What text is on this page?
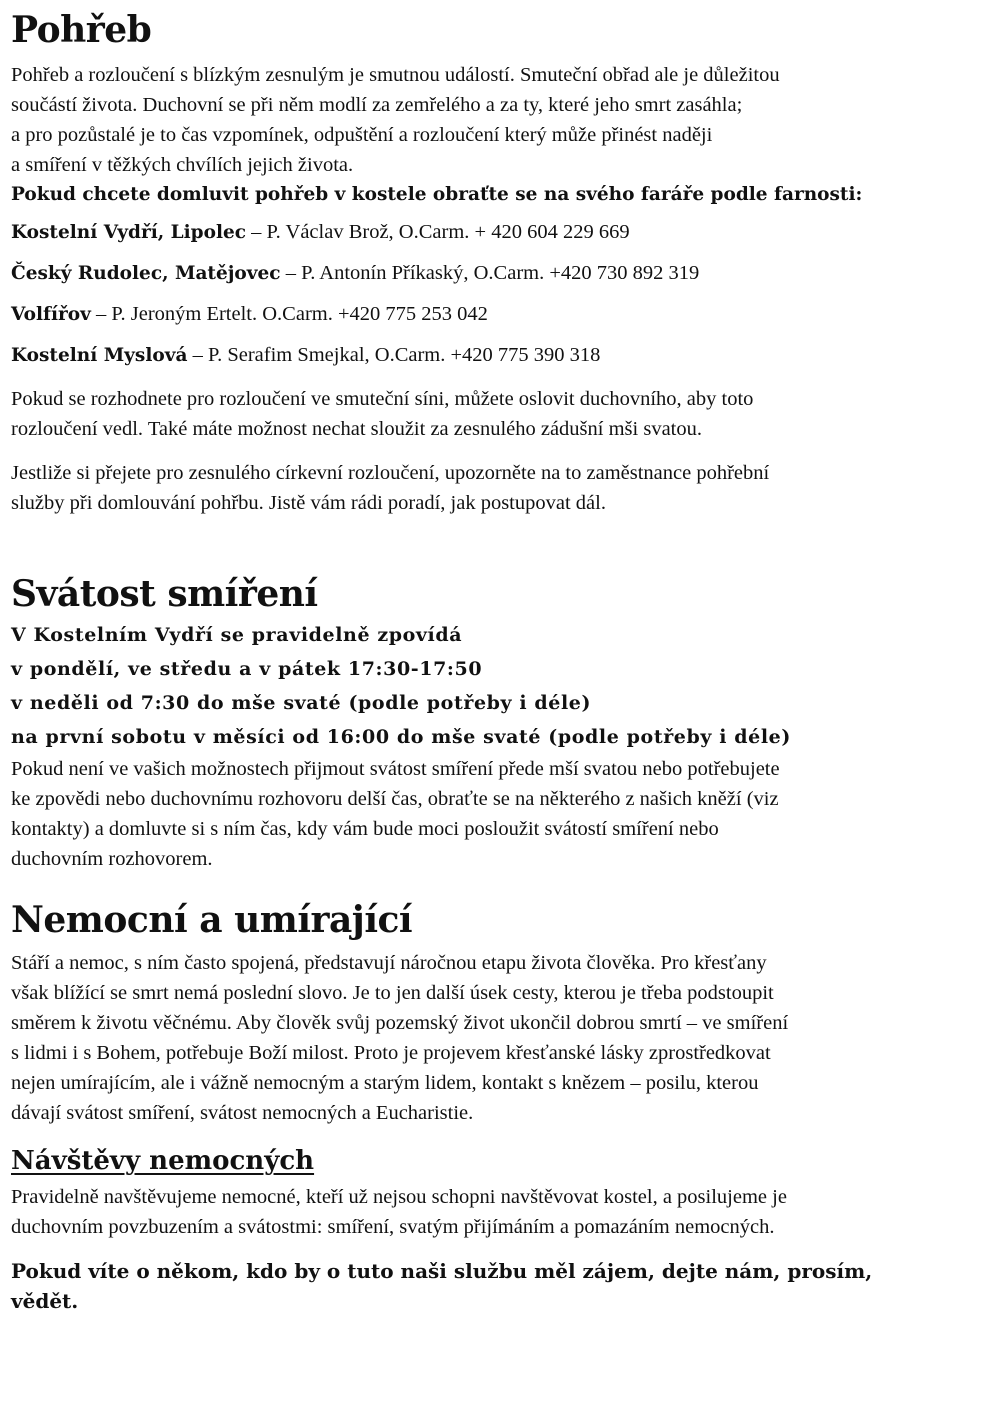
Pohřeb

Pohřeb a rozloučení s blízkým zesnulým je smutnou událostí. Smuteční obřad ale je důležitou

součástí života. Duchovní se při něm modlí za zemřelého a za ty, které jeho smrt zasáhla;

a pro pozůstalé je to čas vzpomínek, odpuštění a rozloučení který může přinést naději

a smíření v těžkých chvílích jejich života.

Pokud chcete domluvit pohřeb v kostele obraťte se na svého faráře podle farnosti:

Kostelní Vydří, Lipolec – P. Václav Brož, O.Carm. + 420 604 229 669

Český Rudolec, Matějovec – P. Antonín Příkaský, O.Carm. +420 730 892 319

Volfířov – P. Jeroným Ertelt. O.Carm. +420 775 253 042

Kostelní Myslová – P. Serafim Smejkal, O.Carm. +420 775 390 318

Pokud se rozhodnete pro rozloučení ve smuteční síni, můžete oslovit duchovního, aby toto

rozloučení vedl. Také máte možnost nechat sloužit za zesnulého zádušní mši svatou.

Jestliže si přejete pro zesnulého církevní rozloučení, upozorněte na to zaměstnance pohřební

služby při domlouvání pohřbu. Jistě vám rádi poradí, jak postupovat dál.

Svátost smíření

V Kostelním Vydří se pravidelně zpovídá

v pondělí, ve středu a v pátek 17:30-17:50

v neděli od 7:30 do mše svaté (podle potřeby i déle)

na první sobotu v měsíci od 16:00 do mše svaté (podle potřeby i déle)

Pokud není ve vašich možnostech přijmout svátost smíření přede mší svatou nebo potřebujete

ke zpovědi nebo duchovnímu rozhovoru delší čas, obraťte se na některého z našich kněží (viz

kontakty) a domluvte si s ním čas, kdy vám bude moci posloužit svátostí smíření nebo

duchovním rozhovorem.

Nemocní a umírající

Stáří a nemoc, s ním často spojená, představují náročnou etapu života člověka. Pro křesťany

však blížící se smrt nemá poslední slovo. Je to jen další úsek cesty, kterou je třeba podstoupit

směrem k životu věčnému. Aby člověk svůj pozemský život ukončil dobrou smrtí – ve smíření

s lidmi i s Bohem, potřebuje Boží milost. Proto je projevem křesťanské lásky zprostředkovat

nejen umírajícím, ale i vážně nemocným a starým lidem, kontakt s knězem – posilu, kterou

dávají svátost smíření, svátost nemocných a Eucharistie.

Návštěvy nemocných

Pravidelně navštěvujeme nemocné, kteří už nejsou schopni navštěvovat kostel, a posilujeme je

duchovním povzbuzením a svátostmi: smíření, svatým přijímáním a pomazáním nemocných.

Pokud víte o někom, kdo by o tuto naši službu měl zájem, dejte nám, prosím,

vědět.
